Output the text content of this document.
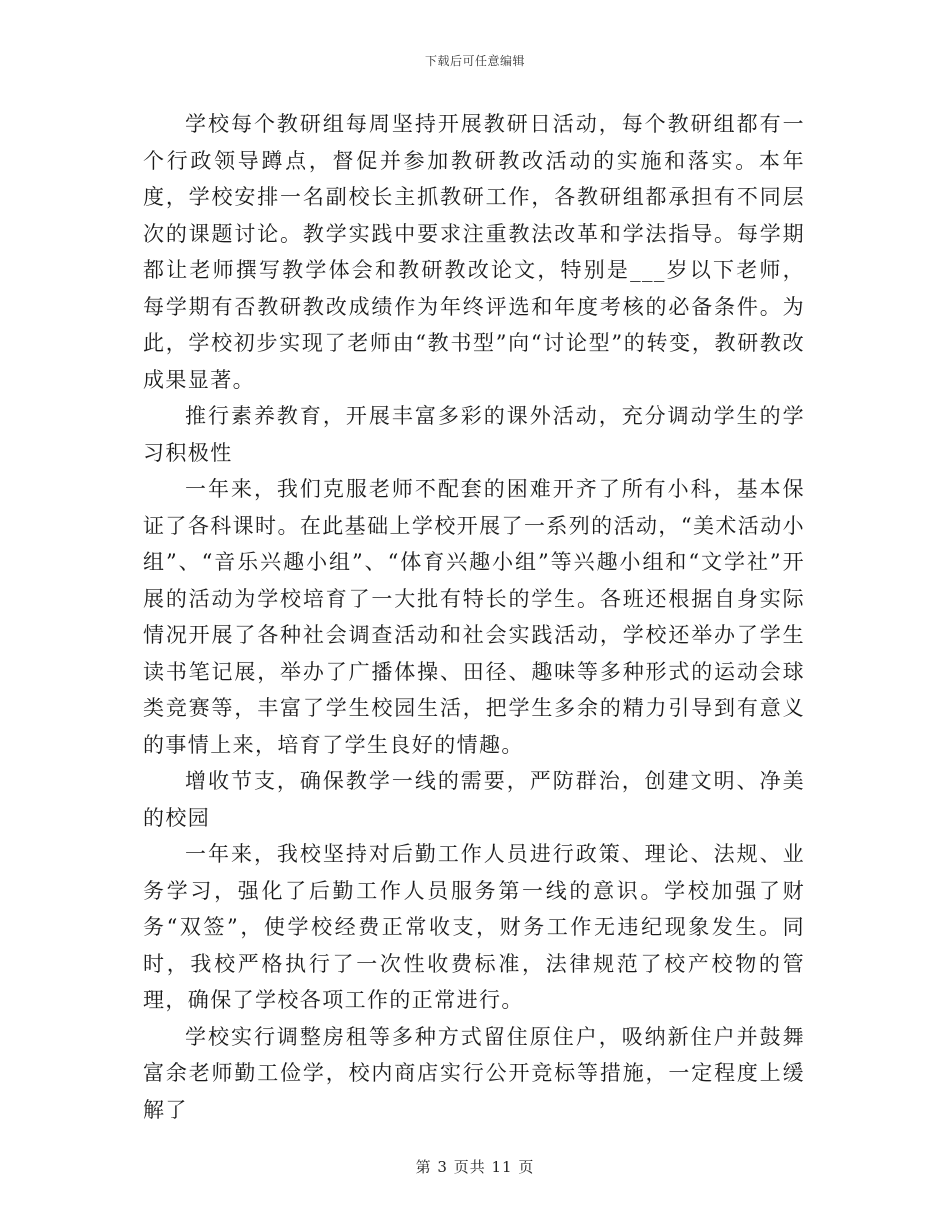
下载后可任意编辑

学校每个教研组每周坚持开展教研日活动，每个教研组都有一个行政领导蹲点，督促并参加教研教改活动的实施和落实。本年度，学校安排一名副校长主抓教研工作，各教研组都承担有不同层次的课题讨论。教学实践中要求注重教法改革和学法指导。每学期都让老师撰写教学体会和教研教改论文，特别是___岁以下老师，每学期有否教研教改成绩作为年终评选和年度考核的必备条件。为此，学校初步实现了老师由“教书型”向“讨论型”的转变，教研教改成果显著。

推行素养教育，开展丰富多彩的课外活动，充分调动学生的学习积极性

一年来，我们克服老师不配套的困难开齐了所有小科，基本保证了各科课时。在此基础上学校开展了一系列的活动，“美术活动小组”、“音乐兴趣小组”、“体育兴趣小组”等兴趣小组和“文学社”开展的活动为学校培育了一大批有特长的学生。各班还根据自身实际情况开展了各种社会调查活动和社会实践活动，学校还举办了学生读书笔记展，举办了广播体操、田径、趣味等多种形式的运动会球类竞赛等，丰富了学生校园生活，把学生多余的精力引导到有意义的事情上来，培育了学生良好的情趣。

增收节支，确保教学一线的需要，严防群治，创建文明、净美的校园

一年来，我校坚持对后勤工作人员进行政策、理论、法规、业务学习，强化了后勤工作人员服务第一线的意识。学校加强了财务“双签”，使学校经费正常收支，财务工作无违纪现象发生。同时，我校严格执行了一次性收费标准，法律规范了校产校物的管理，确保了学校各项工作的正常进行。

学校实行调整房租等多种方式留住原住户，吸纳新住户并鼓舞富余老师勤工俭学，校内商店实行公开竞标等措施，一定程度上缓解了

第 3 页共 11 页
